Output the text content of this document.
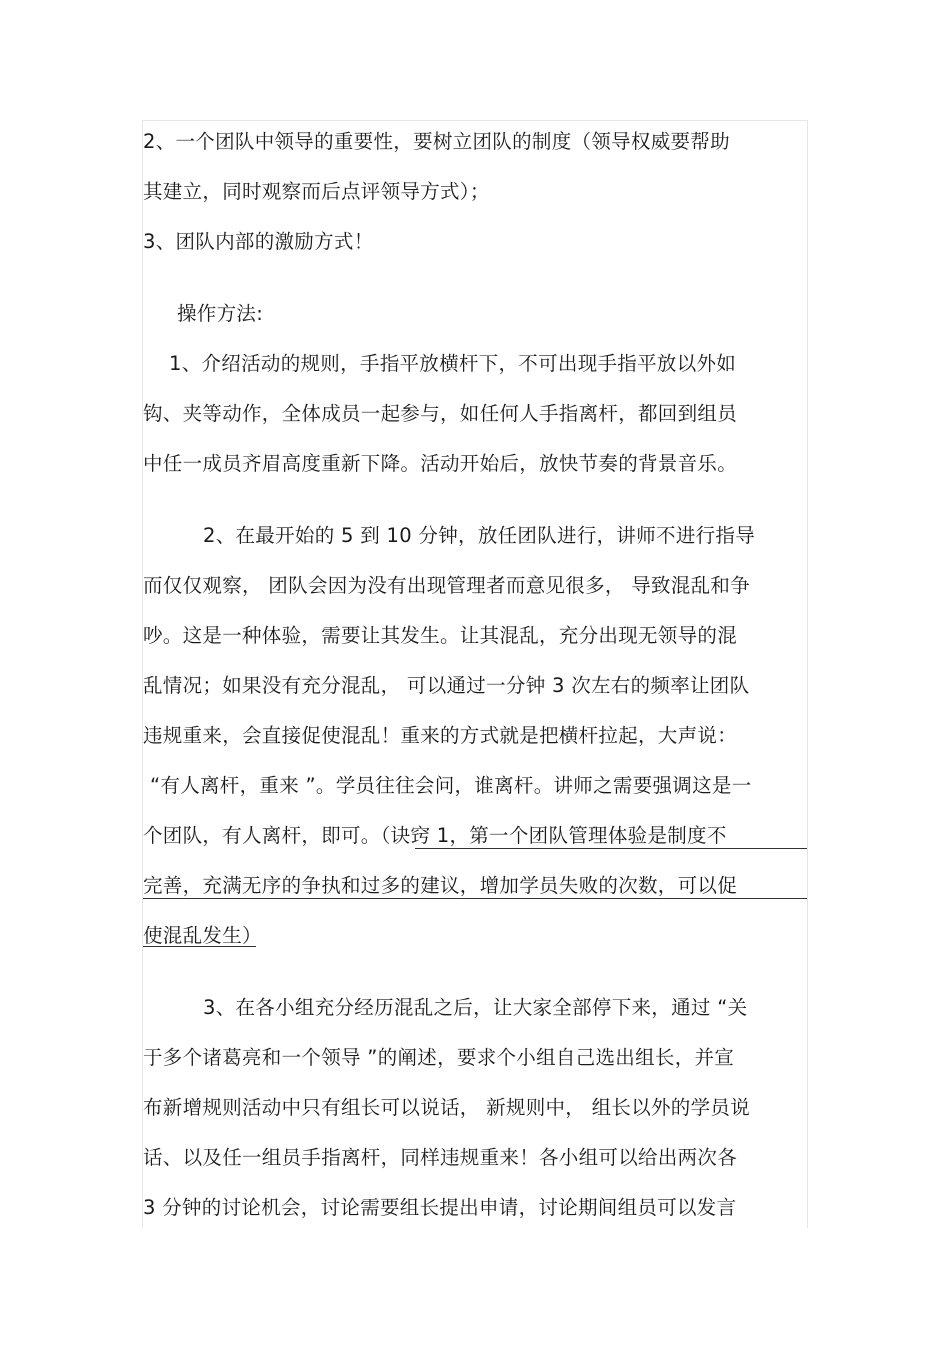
2、一个团队中领导的重要性，要树立团队的制度（领导权威要帮助
其建立，同时观察而后点评领导方式）；
3、团队内部的激励方式！
操作方法:
1、介绍活动的规则，手指平放横杆下，不可出现手指平放以外如
钩、夹等动作，全体成员一起参与，如任何人手指离杆，都回到组员
中任一成员齐眉高度重新下降。活动开始后，放快节奏的背景音乐。
2、在最开始的 5 到 10 分钟，放任团队进行，讲师不进行指导
而仅仅观察， 团队会因为没有出现管理者而意见很多， 导致混乱和争
吵。这是一种体验，需要让其发生。让其混乱，充分出现无领导的混
乱情况；如果没有充分混乱， 可以通过一分钟 3 次左右的频率让团队
违规重来，会直接促使混乱！重来的方式就是把横杆拉起，大声说：
“有人离杆，重来 ”。学员往往会问，谁离杆。讲师之需要强调这是一
个团队，有人离杆，即可。（诀窍 1，第一个团队管理体验是制度不
完善，充满无序的争执和过多的建议，增加学员失败的次数，可以促
使混乱发生）
3、在各小组充分经历混乱之后，让大家全部停下来，通过 “关
于多个诸葛亮和一个领导 ”的阐述，要求个小组自己选出组长，并宣
布新增规则活动中只有组长可以说话， 新规则中， 组长以外的学员说
话、以及任一组员手指离杆，同样违规重来！各小组可以给出两次各
3 分钟的讨论机会，讨论需要组长提出申请，讨论期间组员可以发言
